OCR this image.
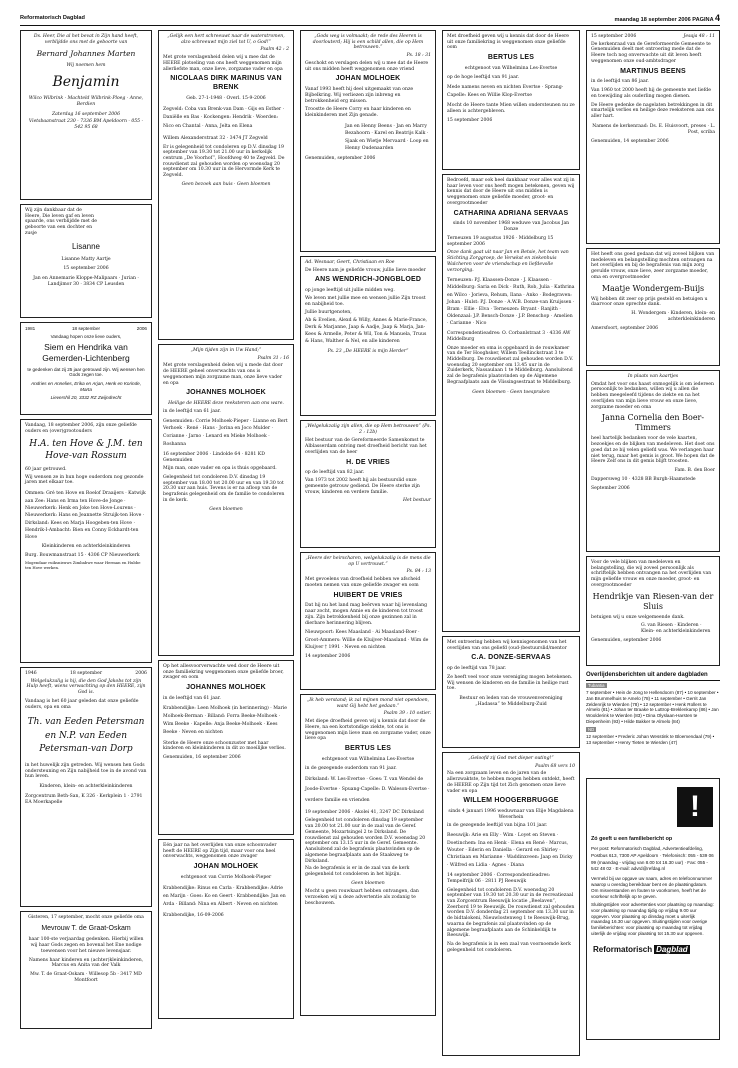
Reformatorisch Dagblad	maandag 18 september 2006 PAGINA 4

Ds. Heer, Die al het bevat in Zijn hand heeft, verblijdde ons met de geboorte van

Bernard Johannes Marten

Wij noemen hem

Benjamin

Wilco Wilbrink · Machteld Wilbrink-Ploeg · Anne, Berdien

Zaterdag 16 september 2006

Vietsbaanstraat 230 · 7336 BM Apeldoorn · 055 - 542 95 68

Wij zijn dankbaar dat de Heere, Die leven gaf en leven spaarde, ons verblijdde met de geboorte van een dochter en zusje

Lisanne

Lisanne Matty Aartje

15 september 2006

Jan en Annemarie Kloppe-Malipaars · Jurian · Landjimor 30 · 3834 CP Leusden

1981	18 september	2006

Vandaag hopen onze lieve ouders,

Siem en Hendrika van Gemerden-Lichtenberg

te gedenken dat zij 25 jaar getrouwd zijn. Wij wensen hen Gods zegen toe.

Andries en Annelies, Erika en Arjan, Henk en Korinde, Marta

Lievershil 20, 3332 RZ Zwijndrecht

Vandaag, 18 september 2006, zijn onze geliefde ouders en (over)grootouders

H.A. ten Hove & J.M. ten Hove-van Rossum

60 jaar getrouwd.

Wij wensen ze in hun hoge ouderdom nog gezonde jaren met elkaar toe.

Ommen: Gré ten Hove en Roelof Draaijers · Katwijk aan Zee: Hans en Irma ten Hove-de Jonge · Nieuwerkerk: Henk en Joke ten Hove-Lourens · Nieuwerkerk: Hans en Jeannette Struijk-ten Hove · Dirksland: Kees en Marja Hoogeben-ten Hove · Hendrik-I-Ambacht: Bien en Conny Eckhardt-ten Hove

Kleinkinderen en achterkleinkinderen

Burg. Bouwmanstraat 15 · 4306 CP Nieuwerkerk

Mogendaar ruiksnieuws Zimbabwe waar Herman en Hubbe ten Hove werken.

1946	18 september	2006

Welgelukzalig is hij, die den God Jakobs tot zijn Hulp heeft, wiens verwachting op den HEERE, zijn God is.

Vandaag is het 60 jaar geleden dat onze geliefde ouders, opa en oma

Th. van Eeden Petersman en N.P. van Eeden Petersman-van Dorp

in het huwelijk zijn getreden. Wij wensen hen Gods ondersteuning en Zijn nabijheid toe in de avond van hun leven.

Kinderen, klein- en achterkleinkinderen

Zorgcentrum Beth-San, K 326 · Kerkplein 1 · 2791 EA Moerkapelle

Gisteren, 17 september, mocht onze geliefde oma

Mevrouw T. de Graat-Oskam

haar 100-ste verjaardag gedenken. Hierbij willen wij haar Gods zegen en bovenal het Ene nodige toewensen voor het nieuwe levensjaar.

Namens haar kinderen en (achter)kleinkinderen, Marcus en Anita van der Valk

Mw. T. de Graat-Oskam · Willesop 5b · 3417 MD Montfoort

„Gelijk een hert schreeuwt naar de waterstromen, alzo schreeuwt mijn ziel tot U, o God!”

Psalm 42 : 2

Met grote verslagenheid delen wij u mee dat de HEERE plotseling van ons heeft weggenomen mijn allerliefste man, onze lieve, zorgzame vader en opa

NICOLAAS DIRK MARINUS VAN BRENK

Geb. 27-1-1948 · Overl. 15-9-2006

Zegveld: Coba van Brenk-van Dam · Gijs en Esther · Daniëlle en Bas · Kockengen: Hendrik · Woerden: Nico en Chantal · Anna, Jelta en Elena

Willem Alexanderstraat 32 · 3474 JT Zegveld

Er is gelegenheid tot condoleren op D.V. dinsdag 19 september van 19.30 tot 21.00 uur in kerkelijk centrum „De Voorhof”, Hoofdweg 40 te Zegveld. De rouwdienst zal gehouden worden op woensdag 20 september om 10.30 uur in de Hervormde Kerk te Zegveld.

Geen bezoek aan huis · Geen bloemen

„Mijn tijden zijn in Uw Hand;”

Psalm 31 : 16

Met grote verslagenheid delen wij u mede dat door de HEERE geheel onverwachts van ons is weggenomen mijn zorgzame man, onze lieve vader en opa

JOHANNES MOLHOEK

Heilige de HEERE deze reeksteren aan ons ware.

in de leeftijd van 61 jaar.

Genemuiden: Corrie Molhoek-Pieper · Lianne en Bert Verhoek · René · Hans · Jorina en Joco Mulder · Corianne · Jarno · Lenard en Mieke Molhoek · Roshanna

16 september 2006 · Lindolde 64 · 8281 KD Genemuiden

Mijn man, onze vader en opa is thuis opgebaard.

Gelegenheid tot condoleren D.V. dinsdag 19 september van 18.00 tot 20.00 uur en van 19.30 tot 20.30 uur aan huis. Tevens is er na afloop van de begrafenis gelegenheid om de familie te condoleren in de kerk.

Geen bloemen

Op het allesvoorverwachte wed door de Heere uit onze familiekring weggenomen onze geliefde broer, zwager en oom

JOHANNES MOLHOEK

in de leeftijd van 61 jaar.

Krabbendijke: Leen Molhoek (in herinnering) · Marie Molhoek-Berman · Billand: Forra Beeke-Molhoek · Wim Beeke · Kapelle: Anja Beeke-Molhoek · Kees Beeke · Neven en nichten

Sterke de Heere onze schoonzuster met haar kinderen en kleinkinderen in dit zo moeilijke verlies.

Genemuiden, 16 september 2006

Eén jaar na het overlijden van onze schoonvader heeft de HEERE op Zijn tijd, maar voor ons heel onverwachts, weggenomen onze zwager

JOHAN MOLHOEK

echtgenoot van Corrie Molhoek-Pieper

Krabbendijke: Rinus en Carla · Krabbendijke: Adrie en Marijn · Goes: Ko en Geert · Krabbendijke: Jan en Arda · Billand: Nina en Albert · Neven en nichten

Krabbendijke, 16-09-2006

„Gods weg is volmaakt; de rede des Heeren is doorlouterd; Hij is een schild allen, die op Hem betrouwen.”

Ps. 18 : 31

Geschokt en verslagen delen wij u mee dat de Heere uit ons midden heeft weggenomen onze vriend

JOHAN MOLHOEK

Vanaf 1993 heeft hij deel uitgemaakt van onze Bijbelkring. Wij verliezen zijn inbreng en betrokkenheid erg missen.

Troostte de Heere Corry en haar kinderen en kleinkinderen met Zijn genade.

Jan en Henny Beens · Jan en Marry Bezahoorn · Karel en Beatrijs Kalk · Sjaak en Wietje Mervaard · Loop en Henny Oudenaarden

Genemuiden, september 2006

Ad. Wesnaar, Geert, Christiaan en Roe

De Heere nam je geliefde vrouw, jullie lieve moeder

ANS WENDRICH-JONGBLOED

op jonge leeftijd uit jullie midden weg.

We leven met jullie mee en wensen jullie Zijn troost en nabijheid toe.

Jullie buurtgenoten,

Ab & Evelien, Alexd & Willy, Annes & Marie-France, Derk & Marjanne, Jaap & Aadje, Jaap & Marja, Jan-Kees & Armelle, Peter & Wil, Ton & Manuela, Truus & Hans, Walther & Nel, en alle kinderen

Ps. 23 „De HEERE is mijn Herder”

„Welgelukzalig zijn allen, die op Hem betrouwen” (Ps. 2 : 12b)

Het bestuur van de Gereformeerde Samenkomst te Alblasserdam ontving met droefheid bericht van het overlijden van de heer

H. DE VRIES

op de leeftijd van 82 jaar.

Van 1973 tot 2002 heeft hij als bestuurslid onze gemeente getrouw gediend. De Heere sterke zijn vrouw, kinderen en verdere familie.

Het bestuur

„Heere der heirscharen, welgelukzalig is de mens die op U vertrouwt.”

Ps. 84 : 13

Met gevoelens van droefheid hebben we afscheid moeten nemen van onze geliefde zwager en oom

HUIBERT DE VRIES

Dat hij nu het land mag beërven waar hij levenslang naar zocht, mogen Annie en de kinderen tot troost zijn. Zijn betrokkenheid bij onze gezinnen zal in dierbare herinnering blijven.

Nieuwpoort: Kees Maasland · Ai Maasland-Boer · Groot-Ammers: Willie de Kluijver-Maasland · Wim de Kluijver † 1991 · Neven en nichten

14 september 2006

„Ik heb verstand; ik zal mijnen mond niet opendoen, want Gij hebt het gedaan.”

Psalm 39 : 10 ostier.

Met diepe droefheid geven wij u kennis dat door de Heere, na een kortstondige ziekte, tot ons is weggenomen mijn lieve man en zorgzame vader, onze lieve opa

BERTUS LES

echtgenoot van Wilhelmina Les-Evertse

in de gezegende ouderdom van 91 jaar.

Dirksland: W. Les-Evertse · Goes: T. van Wendel de Joode-Evertse · Spuang-Capelle: D. Waleson-Evertse · verdere familie en vrienden

19 september 2006 · Akolei 41, 3247 DC Dirksland

Gelegenheid tot condoleren dinsdag 19 september van 20.00 tot 21.00 uur in de zaal van de Geref. Gemeente, Mozartsingel 2 te Dirksland. De rouwdienst zal gehouden worden D.V. woensdag 20 september om 13.15 uur in de Geref. Gemeente. Aansluitend zal de begrafenis plaatsvinden op de algemene begraafplaats aan de Staakweg te Dirksland.

Na de begrafenis is er in de zaal van de kerk gelegenheid tot condoleren in het bijzijn.

Geen bloemen

Mocht u geen rouwkaart hebben ontvangen, dan verzoeken wij u deze advertentie als zodanig te beschouwen.

Met droefheid geven wij u kennis dat door de Heere uit onze familiekring is weggenomen onze geliefde oom

BERTUS LES

echtgenoot van Wilhelmina Les-Evertse

op de hoge leeftijd van 91 jaar.

Mede namens neven en nichten Evertse · Sprang-Capelle: Kees en Willie Klop-Evertse

Mocht de Heere tante Mien willen ondersteunen nu ze alleen is achtergebleven.

15 september 2006

Bedroefd, maar ook heel dankbaar voor alles wat zij in haar leven voor ons heeft mogen betekenen, geven wij kennis dat door de Heere uit ons midden is weggenomen onze geliefde moeder, groot- en overgrootmoeder

CATHARINA ADRIANA SERVAAS

sinds 10 november 1968 weduwe van Jacobus Jan Donze

Terneuzen 19 augustus 1926 · Middelburg 15 september 2006

Onze dank gaat uit naar Jan en Betsie, het team van Stichting Zorggroep, de Verwkst en ziekenhuis Walcheren voor de vriendschap en liefdevolle verzorging.

Terneuzen: P.J. Klaassen-Donze · J. Klaassen · Middelburg: Saria en Dick · Ruth, Rob, Julia · Kathrina en Wilco · Jorieva, Rehum, Ilana · Anko · Bodegraven: Johan · Hulst: P.J. Donze · A.W.B. Donze-van Kruijssen · Bram · Ellie · Elva · Terneuzen: Bryant · Ranjith · Oldenzaal: J.P. Bensch-Donze · J.P. Benschop · Amelien · Carianne · Nico

Correspondentieadres: O. Corbanlstraat 3 · 4336 AW Middelburg

Onze moeder en oma is opgebaard in de rouwkamer van de Ter Hooghsker, Willem Teellinckstraat 3 te Middelburg. De rouwdienst zal gehouden worden D.V. woensdag 20 september om 13.45 uur in de Zuiderkerk, Nassaulaan 1 te Middelburg. Aansluitend zal de begrafenis plaatsvinden op de Algemene Begraafplaats aan de Vlissingsestraat te Middelburg.

Geen bloemen · Geen toespraken

Met ontroering hebben wij kennisgenomen van het overlijden van ons geliefd (oud-)bestuurslid/mentor

C.A. DONZE-SERVAAS

op de leeftijd van 78 jaar.

Ze heeft veel voor onze vereniging mogen betekenen. Wij wensen de kinderen en de familie in heilige rust toe.

Bestuur en leden van de vrouwenvereniging „Hadassa” te Middelburg-Zuid

„Geloofd zij God met dieper outing!”

Psalm 68 vers 10

Na een zorgzaam leven en de jaren van de allerzwaktste, te hebben mogen hebben ontdekt, heeft de HEERE op Zijn tijd tot Zich genomen onze lieve vader en opa

WILLEM HOOGERBRUGGE

sinds 4 januari 1996 weduwnaar van Elije Magdalena Weverhein

in de gezegende leeftijd van bijna 101 jaar.

Reeuwijk: Arie en Elly · Wim · Loyet en Steven · Doetinchem: Ina en Henk · Elena en René · Marcus, Wouter · Ederin en Daniella · Gerard en Shirley · Christiaan en Marianne · Waddinxveen: Jaap en Dicky · Wilfred en Lidia · Agnes · Diana

14 september 2006 · Correspondentieadres: Tempelfrijk 06 · 2811 PJ Reeuwijk

Gelegenheid tot condoleren D.V. woensdag 20 september van 19.30 tot 20.30 uur in de recreatiezaal van Zorgcentrum Reeuwijk locatie „Beelaven”, Zeerbord 19 te Reeuwijk. De rouwdienst zal gehouden worden D.V. donderdag 21 september om 13.30 uur in de bidtalokeni, Nieuwlostenweg 1 te Reeuwijk-Brug, waarna de begrafenis zal plaatsvinden op de algemene begraafplaats aan de Schinkeldijk te Reeuwijk.

Na de begrafenis is in een zaal van voornoemde kerk gelegenheid tot condoleren.

15 september 2006	Jesaja 48 : 11

De kerkenraad van de Gereformeerde Gemeente te Genemuiden deelt met ontroering mede dat de Heere toch nog onverwachte uit dit leven heeft weggenomen onze oud-ambtsdrager

MARTINUS BEENS

in de leeftijd van 86 jaar.

Van 1960 tot 2000 heeft hij de gemeente met liefde en toewijding als ouderling mogen dienen.

De Heere gedenke de nagelaten betrekkingen in dit smartelijk verlies en heilige deze reeksteren aan ons aller hart.

Namens de kerkenraad: Ds. E. Huisvoort, preses · L. Post, scriba

Genemuiden, 14 september 2006

Het heeft ons goed gedaan dat wij zoveel blijken van medeleven en belangstelling mochten ontvangen na het overlijden en bij de begrafenis van mijn zorg gevulde vrouw, onze lieve, zeer zorgzame moeder, oma en overgrootmoeder

Maatje Wondergem-Buijs

Wij hebben dit zeer op prijs gesteld en betuigen u daarvoor onze oprechte dank.

H. Wondergem · Kinderen, klein- en achterkleinkinderen

Amersfoort, september 2006

In plaats van kaartjes

Omdat het voor ons haast onmogelijk is om iedereen persoonlijk te bedanken, willen wij u allen die hebben meegeleefd tijdens de ziekte en na het overlijden van mijn lieve vrouw en onze lieve, zorgzame moeder en oma

Janna Cornelia den Boer-Timmers

heel hartelijk bedanken voor de vele kaarten, bezoekjes en de blijken van medeleven. Het doet ons goed dat ze bij velen geliefd was. We verlangen haar niet terug, maar het gemis is groot. We hopen dat de Heere Zelf ons in dit gemis blijft troosten.

Fam. B. den Boer

Dappersweg 10 · 4328 BB Burgh-Haamstede

September 2006

Voor de vele blijken van medeleven en belangstelling, die wij zoveel persoonlijk als schriftelijk hebben ontvangen na het overlijden van mijn geliefde vrouw en onze moeder, groot- en overgrootmoeder

Hendrikje van Riesen-van der Sluis

betuigen wij u onze welgemeende dank.

G. van Riesen · Kinderen · Klein- en achterkleinkinderen

Genemuiden, september 2006

Overlijdensberichten uit andere dagbladen
Tubantia

7 september • Hein de Jong te Hellendoorn (87) • 10 september • Jan Brummelhuis te Amelo (78) • 11 september • Gerrit Jan Zeldenrijk te Wierden (78) • 12 september • Henk Rollers te Almelo (81) • Johan ter Braake te Luttrop-Breklenkamp (86) • Jan Woolderink te Wierden (83) • Dina Olyslaan-Harsten te Diepenheim (93) • Hilde Bakker te Almelo (84)

ND

12 september • Frederic Johan Wesstink te Bloemendaal (79) • 13 september • Henry Tieten te Wierden (47)

!

Zó geeft u een familiebericht op

Per post: Reformatorisch Dagblad, Advertentieafdeling, Postbus 613, 7300 AP Apeldoorn · Telefonisch: 055 - 539 06 99 (maandag - vrijdag van 8.00 tot 16.30 uur) · Fax: 055 - 542 48 02 · E-mail: advrd@refdag.nl

Vermeld bij uw opgave uw naam, adres en telefoonnummer waarop u overdag bereikbaar bent en de plaatsingdatum. Om misverstanden en fouten te voorkomen, heeft het de voorkeur schriftelijk op te geven.

Sluitingstijden voor advertenties voor plaatsing op maandag: voor plaatsing op maandag tijdig op vrijdag 9.00 uur opgeven. Voor plaatsing op dinsdag moet u uiterlijk maandag 16.30 uur opgeven. Sluitingstijden voor overige familieberichten: voor plaatsing op maandag tot vrijdag uiterlijk de vrijdag voor plaatsing tot 15.30 uur opgeven.

Reformatorisch Dagblad
